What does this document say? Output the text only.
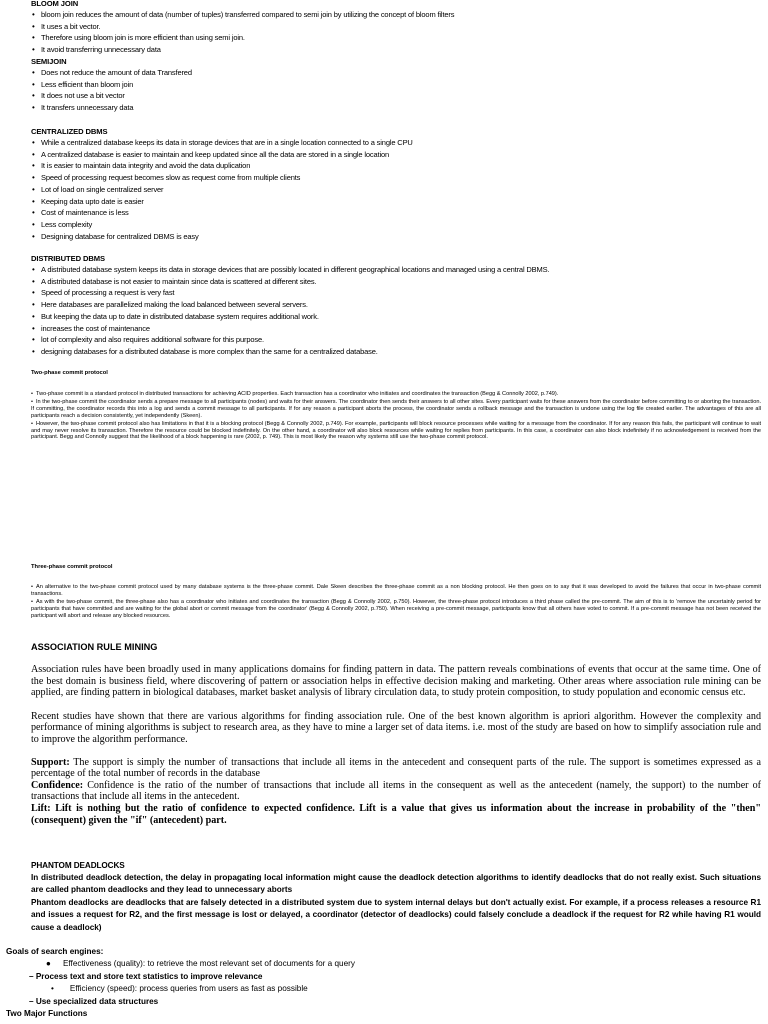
BLOOM JOIN
• bloom join reduces the amount of data (number of tuples) transferred compared to semi join by utilizing the concept of bloom filters
• It uses a bit vector.
• Therefore using bloom join is more efficient than using semi join.
• It avoid transferring unnecessary data
SEMIJOIN
• Does not reduce the amount of data Transfered
• Less efficient than bloom join
• It does not use a bit vector
• It transfers unnecessary data
CENTRALIZED DBMS
• While a centralized database keeps its data in storage devices that are in a single location connected to a single CPU
• A centralized database is easier to maintain and keep updated since all the data are stored in a single location
• It is easier to maintain data integrity and avoid the data duplication
• Speed of processing request becomes slow as request come from multiple clients
• Lot of load on single centralized server
• Keeping data upto date is easier
• Cost of maintenance is less
• Less complexity
• Designing database for centralized DBMS is easy
DISTRIBUTED DBMS
• A distributed database system keeps its data in storage devices that are possibly located in different geographical locations and managed using a central DBMS.
• A distributed database is not easier to maintain since data is scattered at different sites.
• Speed of processing a request is very fast
• Here databases are parallelized making the load balanced between several servers.
• But keeping the data up to date in distributed database system requires additional work.
• increases the cost of maintenance
• lot of complexity and also requires additional software for this purpose.
• designing databases for a distributed database is more complex than the same for a centralized database.
Two-phase commit protocol

• Two-phase commit is a standard protocol in distributed transactions for achieving ACID properties. Each transaction has a coordinator who initiates and coordinates the transaction (Begg & Connolly 2002, p.749).

• In the two-phase commit the coordinator sends a prepare message to all participants (nodes) and waits for their answers. The coordinator then sends their answers to all other sites. Every participant waits for these answers from the coordinator before committing to or aborting the transaction. If committing, the coordinator records this into a log and sends a commit message to all participants. If for any reason a participant aborts the process, the coordinator sends a rollback message and the transaction is undone using the log file created earlier. The advantages of this are all participants reach a decision consistently, yet independently (Skeen).

• However, the two-phase commit protocol also has limitations in that it is a blocking protocol (Begg & Connolly 2002, p.749). For example, participants will block resource processes while waiting for a message from the coordinator. If for any reason this fails, the participant will continue to wait and may never resolve its transaction. Therefore the resource could be blocked indefinitely. On the other hand, a coordinator will also block resources while waiting for replies from participants. In this case, a coordinator can also block indefinitely if no acknowledgement is received from the participant. Begg and Connolly suggest that the likelihood of a block happening is rare (2002, p. 749). This is most likely the reason why systems still use the two-phase commit protocol.

Three-phase commit protocol

• An alternative to the two-phase commit protocol used by many database systems is the three-phase commit. Dale Skeen describes the three-phase commit as a non blocking protocol. He then goes on to say that it was developed to avoid the failures that occur in two-phase commit transactions.

• As with the two-phase commit, the three-phase also has a coordinator who initiates and coordinates the transaction (Begg & Connolly 2002, p.750). However, the three-phase protocol introduces a third phase called the pre-commit. The aim of this is to 'remove the uncertainly period for participants that have committed and are waiting for the global abort or commit message from the coordinator' (Begg & Connolly 2002, p.750). When receiving a pre-commit message, participants know that all others have voted to commit. If a pre-commit message has not been received the participant will abort and release any blocked resources.

ASSOCIATION RULE MINING

Association rules have been broadly used in many applications domains for finding pattern in data. The pattern reveals combinations of events that occur at the same time. One of the best domain is business field, where discovering of pattern or association helps in effective decision making and marketing. Other areas where association rule mining can be applied, are finding pattern in biological databases, market basket analysis of library circulation data, to study protein composition, to study population and economic census etc.

Recent studies have shown that there are various algorithms for finding association rule. One of the best known algorithm is apriori algorithm. However the complexity and performance of mining algorithms is subject to research area, as they have to mine a larger set of data items. i.e. most of the study are based on how to simplify association rule and to improve the algorithm performance.

Support: The support is simply the number of transactions that include all items in the antecedent and consequent parts of the rule. The support is sometimes expressed as a percentage of the total number of records in the database

Confidence: Confidence is the ratio of the number of transactions that include all items in the consequent as well as the antecedent (namely, the support) to the number of transactions that include all items in the antecedent.

Lift: Lift is nothing but the ratio of confidence to expected confidence. Lift is a value that gives us information about the increase in probability of the "then" (consequent) given the "if" (antecedent) part.

PHANTOM DEADLOCKS

In distributed deadlock detection, the delay in propagating local information might cause the deadlock detection algorithms to identify deadlocks that do not really exist. Such situations are called phantom deadlocks and they lead to unnecessary aborts

Phantom deadlocks are deadlocks that are falsely detected in a distributed system due to system internal delays but don't actually exist. For example, if a process releases a resource R1 and issues a request for R2, and the first message is lost or delayed, a coordinator (detector of deadlocks) could falsely conclude a deadlock if the request for R2 while having R1 would cause a deadlock)

Goals of search engines:
● Effectiveness (quality): to retrieve the most relevant set of documents for a query
– Process text and store text statistics to improve relevance
• Efficiency (speed): process queries from users as fast as possible
– Use specialized data structures
Two Major Functions
